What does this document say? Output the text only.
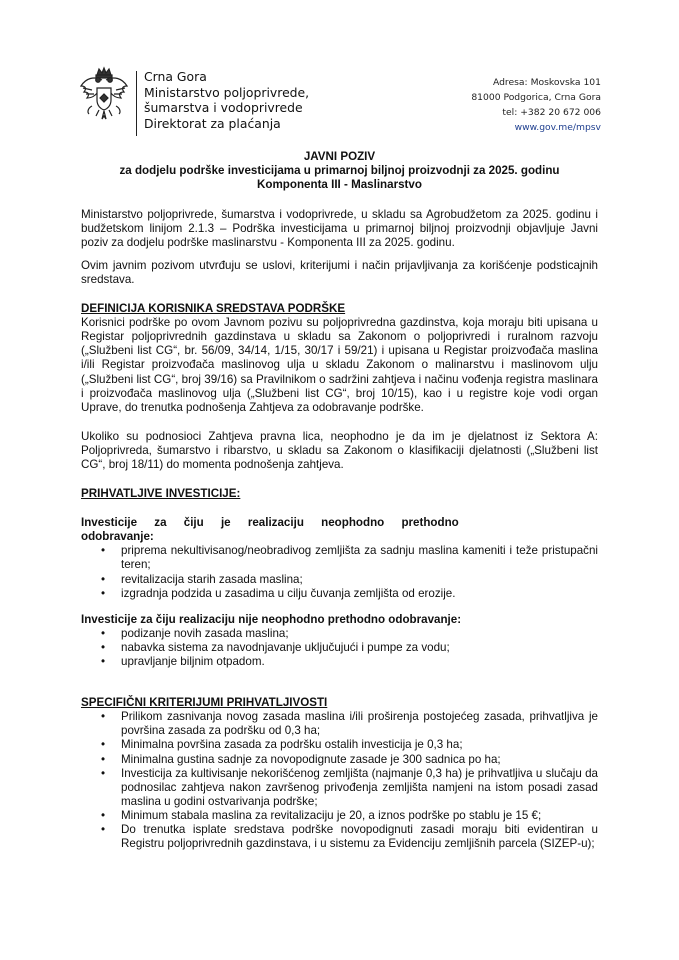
Crna Gora
Ministarstvo poljoprivrede,
šumarstva i vodoprivrede
Direktorat za plaćanja
Adresa: Moskovska 101
81000 Podgorica, Crna Gora
tel: +382 20 672 006
www.gov.me/mpsv
JAVNI POZIV
za dodjelu podrške investicijama u primarnoj biljnoj proizvodnji za 2025. godinu
Komponenta III - Maslinarstvo

Ministarstvo poljoprivrede, šumarstva i vodoprivrede, u skladu sa Agrobudžetom za 2025. godinu i budžetskom linijom 2.1.3 – Podrška investicijama u primarnoj biljnoj proizvodnji objavljuje Javni poziv za dodjelu podrške maslinarstvu - Komponenta III za 2025. godinu.

Ovim javnim pozivom utvrđuju se uslovi, kriterijumi i način prijavljivanja za korišćenje podsticajnih sredstava.

DEFINICIJA KORISNIKA SREDSTAVA PODRŠKE

Korisnici podrške po ovom Javnom pozivu su poljoprivredna gazdinstva, koja moraju biti upisana u Registar poljoprivrednih gazdinstava u skladu sa Zakonom o poljoprivredi i ruralnom razvoju („Službeni list CG“, br. 56/09, 34/14, 1/15, 30/17 i 59/21) i upisana u Registar proizvođača maslina i/ili Registar proizvođača maslinovog ulja u skladu Zakonom o malinarstvu i maslinovom ulju („Službeni list CG“, broj 39/16) sa Pravilnikom o sadržini zahtjeva i načinu vođenja registra maslinara i proizvođača maslinovog ulja („Službeni list CG“, broj 10/15), kao i u registre koje vodi organ Uprave, do trenutka podnošenja Zahtjeva za odobravanje podrške.

Ukoliko su podnosioci Zahtjeva pravna lica, neophodno je da im je djelatnost iz Sektora A: Poljoprivreda, šumarstvo i ribarstvo, u skladu sa Zakonom o klasifikaciji djelatnosti („Službeni list CG“, broj 18/11) do momenta podnošenja zahtjeva.

PRIHVATLJIVE INVESTICIJE:
Investicije za čiju je realizaciju neophodno prethodno
odobravanje:
• priprema nekultivisanog/neobradivog zemljišta za sadnju maslina kameniti i teže pristupačni teren;
• revitalizacija starih zasada maslina;
• izgradnja podzida u zasadima u cilju čuvanja zemljišta od erozije.
Investicije za čiju realizaciju nije neophodno prethodno odobravanje:
• podizanje novih zasada maslina;
• nabavka sistema za navodnjavanje uključujući i pumpe za vodu;
• upravljanje biljnim otpadom.
SPECIFIČNI KRITERIJUMI PRIHVATLJIVOSTI
• Prilikom zasnivanja novog zasada maslina i/ili proširenja postojećeg zasada, prihvatljiva je površina zasada za podršku od 0,3 ha;
• Minimalna površina zasada za podršku ostalih investicija je 0,3 ha;
• Minimalna gustina sadnje za novopodignute zasade je 300 sadnica po ha;
• Investicija za kultivisanje nekorišćenog zemljišta (najmanje 0,3 ha) je prihvatljiva u slučaju da podnosilac zahtjeva nakon završenog privođenja zemljišta namjeni na istom posadi zasad maslina u godini ostvarivanja podrške;
• Minimum stabala maslina za revitalizaciju je 20, a iznos podrške po stablu je 15 €;
• Do trenutka isplate sredstava podrške novopodignuti zasadi moraju biti evidentiran u Registru poljoprivrednih gazdinstava, i u sistemu za Evidenciju zemljišnih parcela (SIZEP-u);
